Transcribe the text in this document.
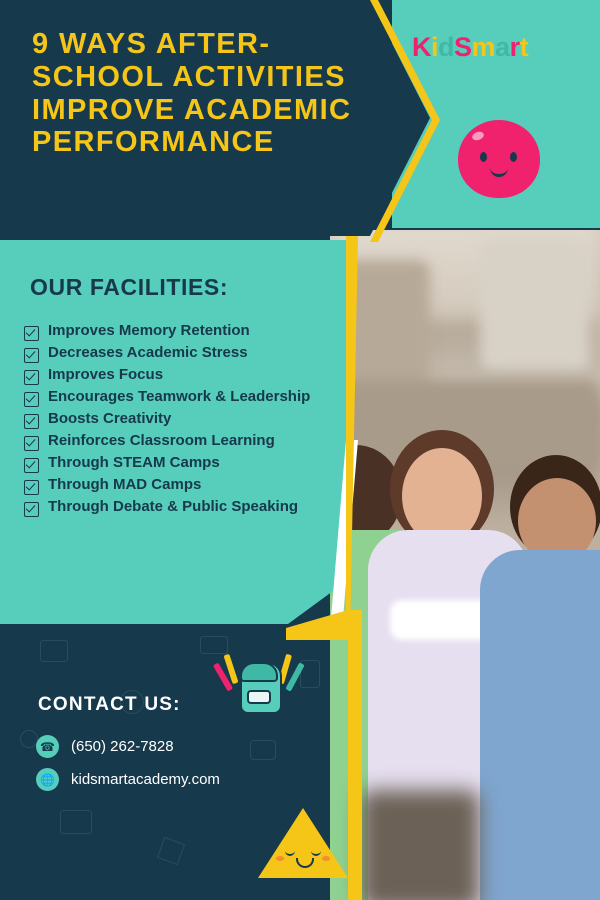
9 WAYS AFTER-SCHOOL ACTIVITIES IMPROVE ACADEMIC PERFORMANCE
KidSmart
OUR FACILITIES:
Improves Memory Retention
Decreases Academic Stress
Improves Focus
Encourages Teamwork & Leadership
Boosts Creativity
Reinforces Classroom Learning
Through STEAM Camps
Through MAD Camps
Through Debate & Public Speaking
CONTACT US:
☎ (650) 262-7828
🌐 kidsmartacademy.com
